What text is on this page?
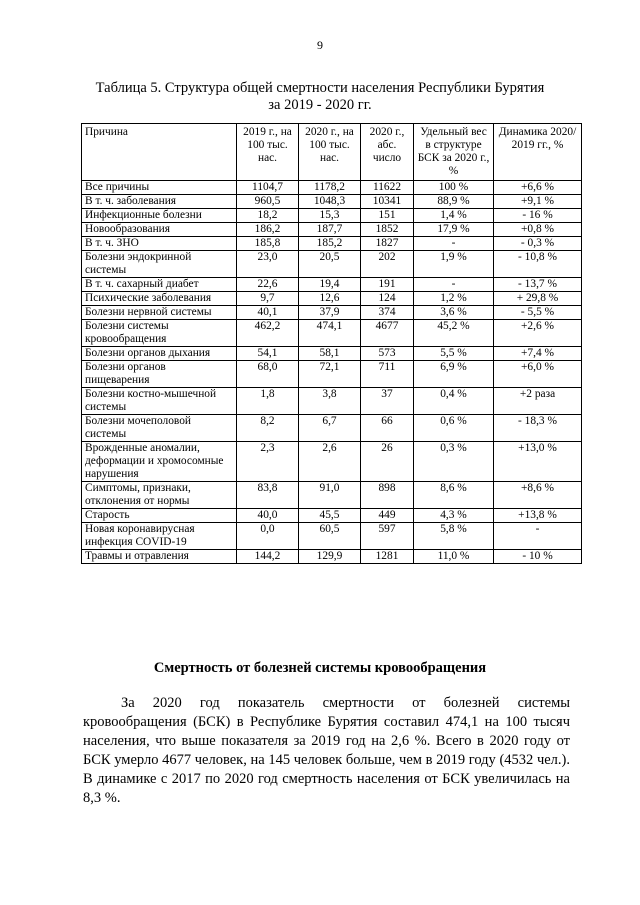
9
Таблица 5. Структура общей смертности населения Республики Бурятия
за 2019 - 2020 гг.
Причина	2019 г., на 100 тыс. нас.	2020 г., на 100 тыс. нас.	2020 г., абс. число	Удельный вес в структуре БСК за 2020 г., %	Динамика 2020/ 2019 гг., %
Все причины	1104,7	1178,2	11622	100 %	+6,6 %
В т. ч. заболевания	960,5	1048,3	10341	88,9 %	+9,1 %
Инфекционные болезни	18,2	15,3	151	1,4 %	- 16 %
Новообразования	186,2	187,7	1852	17,9 %	+0,8 %
В т. ч. ЗНО	185,8	185,2	1827	-	- 0,3 %
Болезни эндокринной системы	23,0	20,5	202	1,9 %	- 10,8 %
В т. ч. сахарный диабет	22,6	19,4	191	-	- 13,7 %
Психические заболевания	9,7	12,6	124	1,2 %	+ 29,8 %
Болезни нервной системы	40,1	37,9	374	3,6 %	- 5,5 %
Болезни системы кровообращения	462,2	474,1	4677	45,2 %	+2,6 %
Болезни органов дыхания	54,1	58,1	573	5,5 %	+7,4 %
Болезни органов пищеварения	68,0	72,1	711	6,9 %	+6,0 %
Болезни костно-мышечной системы	1,8	3,8	37	0,4 %	+2 раза
Болезни мочеполовой системы	8,2	6,7	66	0,6 %	- 18,3 %
Врожденные аномалии, деформации и хромосомные нарушения	2,3	2,6	26	0,3 %	+13,0 %
Симптомы, признаки, отклонения от нормы	83,8	91,0	898	8,6 %	+8,6 %
Старость	40,0	45,5	449	4,3 %	+13,8 %
Новая коронавирусная инфекция COVID-19	0,0	60,5	597	5,8 %	-
Травмы и отравления	144,2	129,9	1281	11,0 %	- 10 %
Смертность от болезней системы кровообращения

За 2020 год показатель смертности от болезней системы кровообращения (БСК) в Республике Бурятия составил 474,1 на 100 тысяч населения, что выше показателя за 2019 год на 2,6 %. Всего в 2020 году от БСК умерло 4677 человек, на 145 человек больше, чем в 2019 году (4532 чел.). В динамике с 2017 по 2020 год смертность населения от БСК увеличилась на 8,3 %.
